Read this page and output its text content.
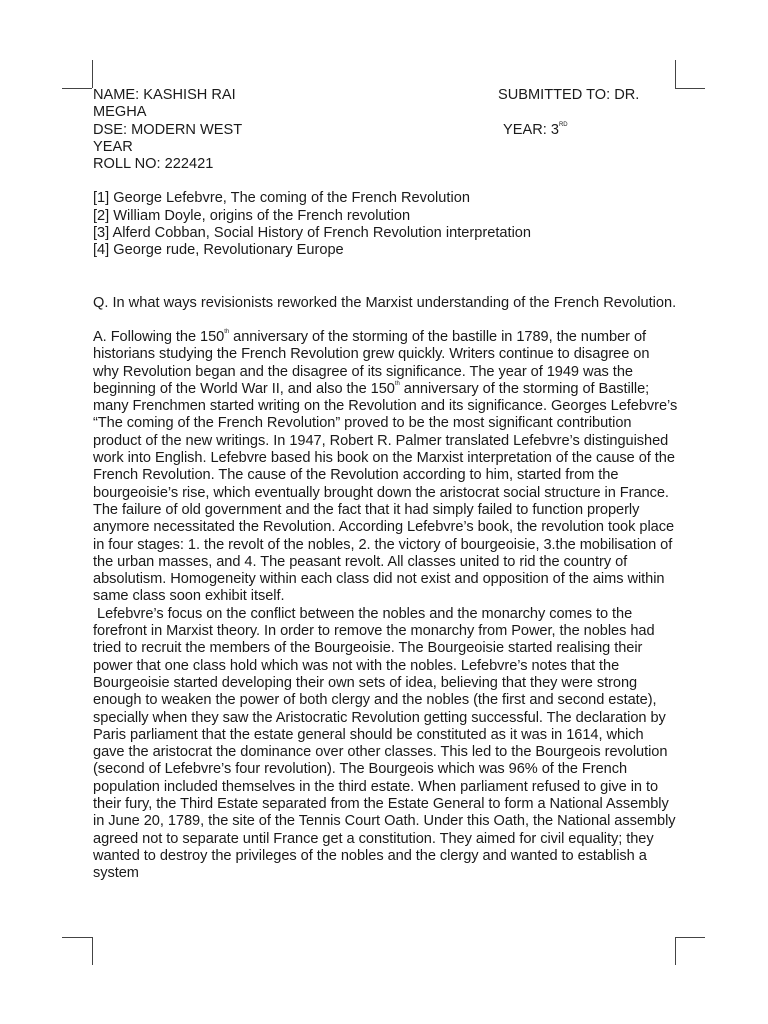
NAME: KASHISH RAI	SUBMITTED TO: DR.
MEGHA
DSE: MODERN WEST	YEAR: 3RD
YEAR
ROLL NO: 222421
[1] George Lefebvre, The coming of the French Revolution
[2] William Doyle, origins of the French revolution
[3] Alferd Cobban, Social History of French Revolution interpretation
[4] George rude, Revolutionary Europe
Q. In what ways revisionists reworked the Marxist understanding of the French Revolution.
A. Following the 150th anniversary of the storming of the bastille in 1789, the number of historians studying the French Revolution grew quickly. Writers continue to disagree on why Revolution began and the disagree of its significance. The year of 1949 was the beginning of the World War II, and also the 150th anniversary of the storming of Bastille; many Frenchmen started writing on the Revolution and its significance. Georges Lefebvre’s “The coming of the French Revolution” proved to be the most significant contribution product of the new writings. In 1947, Robert R. Palmer translated Lefebvre’s distinguished work into English. Lefebvre based his book on the Marxist interpretation of the cause of the French Revolution. The cause of the Revolution according to him, started from the bourgeoisie’s rise, which eventually brought down the aristocrat social structure in France. The failure of old government and the fact that it had simply failed to function properly anymore necessitated the Revolution. According Lefebvre’s book, the revolution took place in four stages: 1. the revolt of the nobles, 2. the victory of bourgeoisie, 3.the mobilisation of the urban masses, and 4. The peasant revolt. All classes united to rid the country of absolutism. Homogeneity within each class did not exist and opposition of the aims within same class soon exhibit itself.
Lefebvre’s focus on the conflict between the nobles and the monarchy comes to the forefront in Marxist theory. In order to remove the monarchy from Power, the nobles had tried to recruit the members of the Bourgeoisie. The Bourgeoisie started realising their power that one class hold which was not with the nobles. Lefebvre’s notes that the Bourgeoisie started developing their own sets of idea, believing that they were strong enough to weaken the power of both clergy and the nobles (the first and second estate), specially when they saw the Aristocratic Revolution getting successful. The declaration by Paris parliament that the estate general should be constituted as it was in 1614, which gave the aristocrat the dominance over other classes. This led to the Bourgeois revolution (second of Lefebvre’s four revolution). The Bourgeois which was 96% of the French population included themselves in the third estate. When parliament refused to give in to their fury, the Third Estate separated from the Estate General to form a National Assembly in June 20, 1789, the site of the Tennis Court Oath. Under this Oath, the National assembly agreed not to separate until France get a constitution. They aimed for civil equality; they wanted to destroy the privileges of the nobles and the clergy and wanted to establish a system
